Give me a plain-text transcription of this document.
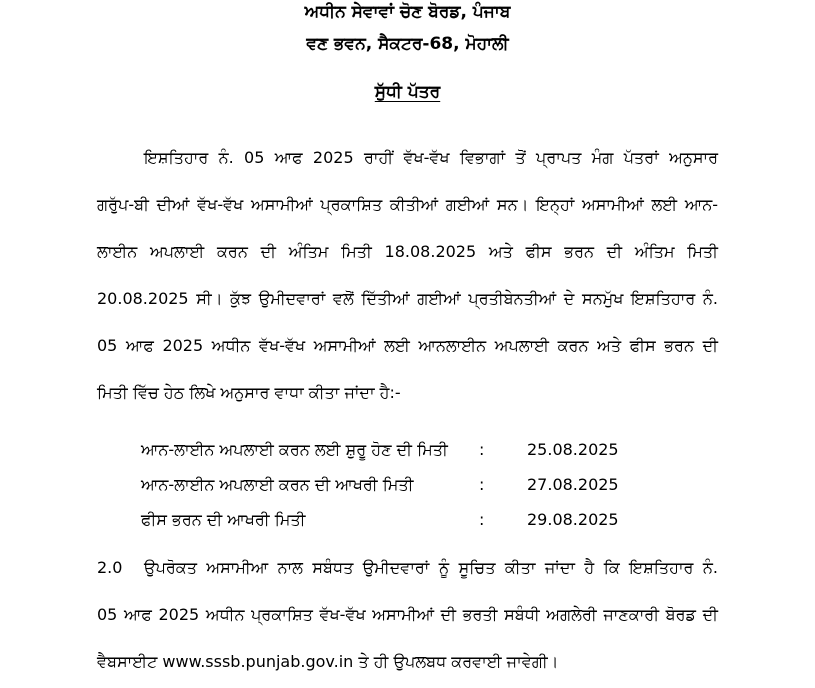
ਅਧੀਨ ਸੇਵਾਵਾਂ ਚੋਣ ਬੋਰਡ, ਪੰਜਾਬ
ਵਣ ਭਵਨ, ਸੈਕਟਰ-68, ਮੋਹਾਲੀ
ਸੁੱਧੀ ਪੱਤਰ
ਇਸ਼ਤਿਹਾਰ ਨੰ. 05 ਆਫ 2025 ਰਾਹੀਂ ਵੱਖ-ਵੱਖ ਵਿਭਾਗਾਂ ਤੋਂ ਪ੍ਰਾਪਤ ਮੰਗ ਪੱਤਰਾਂ ਅਨੁਸਾਰ
ਗਰੁੱਪ-ਬੀ ਦੀਆਂ ਵੱਖ-ਵੱਖ ਅਸਾਮੀਆਂ ਪ੍ਰਕਾਸ਼ਿਤ ਕੀਤੀਆਂ ਗਈਆਂ ਸਨ। ਇਨ੍ਹਾਂ ਅਸਾਮੀਆਂ ਲਈ ਆਨ-
ਲਾਈਨ ਅਪਲਾਈ ਕਰਨ ਦੀ ਅੰਤਿਮ ਮਿਤੀ 18.08.2025 ਅਤੇ ਫੀਸ ਭਰਨ ਦੀ ਅੰਤਿਮ ਮਿਤੀ
20.08.2025 ਸੀ। ਕੁੱਝ ਉਮੀਦਵਾਰਾਂ ਵਲੋਂ ਦਿੱਤੀਆਂ ਗਈਆਂ ਪ੍ਰਤੀਬੇਨਤੀਆਂ ਦੇ ਸਨਮੁੱਖ ਇਸ਼ਤਿਹਾਰ ਨੰ.
05 ਆਫ 2025 ਅਧੀਨ ਵੱਖ-ਵੱਖ ਅਸਾਮੀਆਂ ਲਈ ਆਨਲਾਈਨ ਅਪਲਾਈ ਕਰਨ ਅਤੇ ਫੀਸ ਭਰਨ ਦੀ
ਮਿਤੀ ਵਿੱਚ ਹੇਠ ਲਿਖੇ ਅਨੁਸਾਰ ਵਾਧਾ ਕੀਤਾ ਜਾਂਦਾ ਹੈ:-
ਆਨ-ਲਾਈਨ ਅਪਲਾਈ ਕਰਨ ਲਈ ਸ਼ੁਰੂ ਹੋਣ ਦੀ ਮਿਤੀ :	25.08.2025
ਆਨ-ਲਾਈਨ ਅਪਲਾਈ ਕਰਨ ਦੀ ਆਖਰੀ ਮਿਤੀ	:	27.08.2025
ਫੀਸ ਭਰਨ ਦੀ ਆਖਰੀ ਮਿਤੀ	:	29.08.2025
2.0 ਉਪਰੋਕਤ ਅਸਾਮੀਆ ਨਾਲ ਸਬੰਧਤ ਉਮੀਦਵਾਰਾਂ ਨੂੰ ਸੂਚਿਤ ਕੀਤਾ ਜਾਂਦਾ ਹੈ ਕਿ ਇਸ਼ਤਿਹਾਰ ਨੰ.
05 ਆਫ 2025 ਅਧੀਨ ਪ੍ਰਕਾਸ਼ਿਤ ਵੱਖ-ਵੱਖ ਅਸਾਮੀਆਂ ਦੀ ਭਰਤੀ ਸਬੰਧੀ ਅਗਲੇਰੀ ਜਾਣਕਾਰੀ ਬੋਰਡ ਦੀ
ਵੈਬਸਾਈਟ www.sssb.punjab.gov.in ਤੇ ਹੀ ਉਪਲਬਧ ਕਰਵਾਈ ਜਾਵੇਗੀ।
